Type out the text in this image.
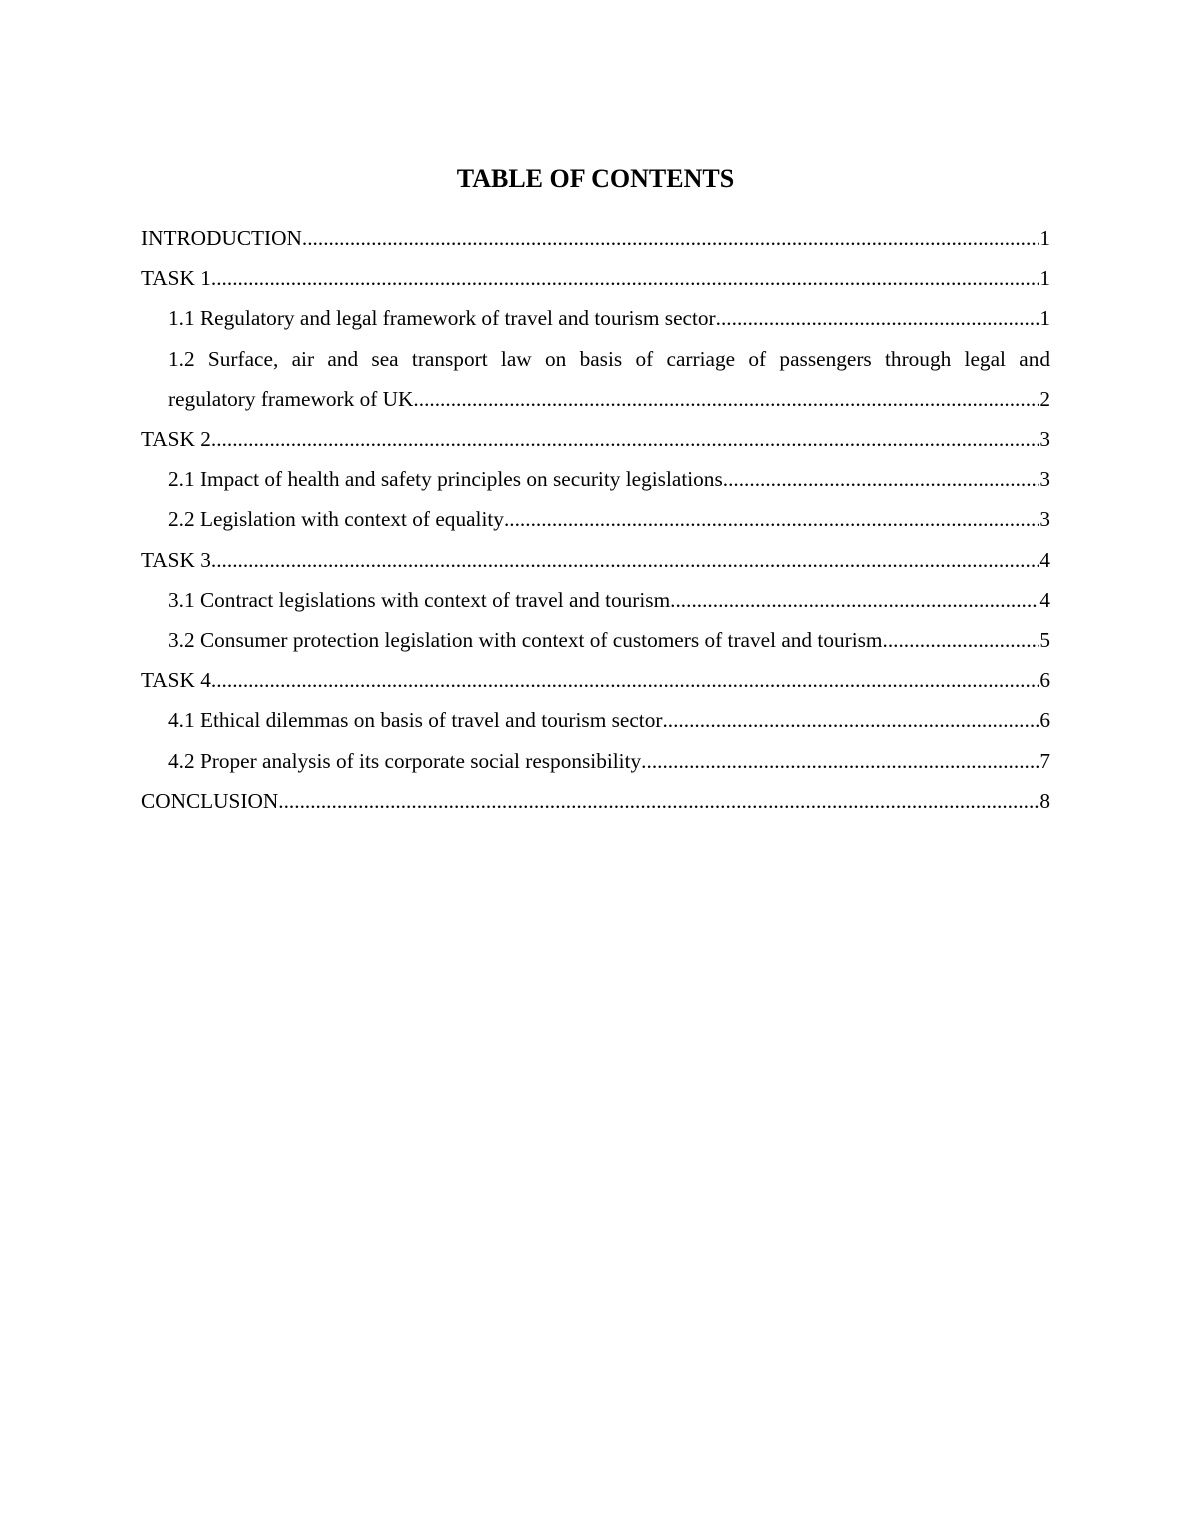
TABLE OF CONTENTS
INTRODUCTION .....	1
TASK 1 .....	1
1.1 Regulatory and legal framework of travel and tourism sector .....	1
1.2 Surface, air and sea transport law on basis of carriage of passengers through legal and
regulatory framework of UK .....	2
TASK 2 .....	3
2.1 Impact of health and safety principles on security legislations .....	3
2.2 Legislation with context of equality .....	3
TASK 3 .....	4
3.1 Contract legislations with context of travel and tourism .....	4
3.2 Consumer protection legislation with context of customers of travel and tourism .....	5
TASK 4 .....	6
4.1 Ethical dilemmas on basis of travel and tourism sector .....	6
4.2 Proper analysis of its corporate social responsibility .....	7
CONCLUSION .....	8
